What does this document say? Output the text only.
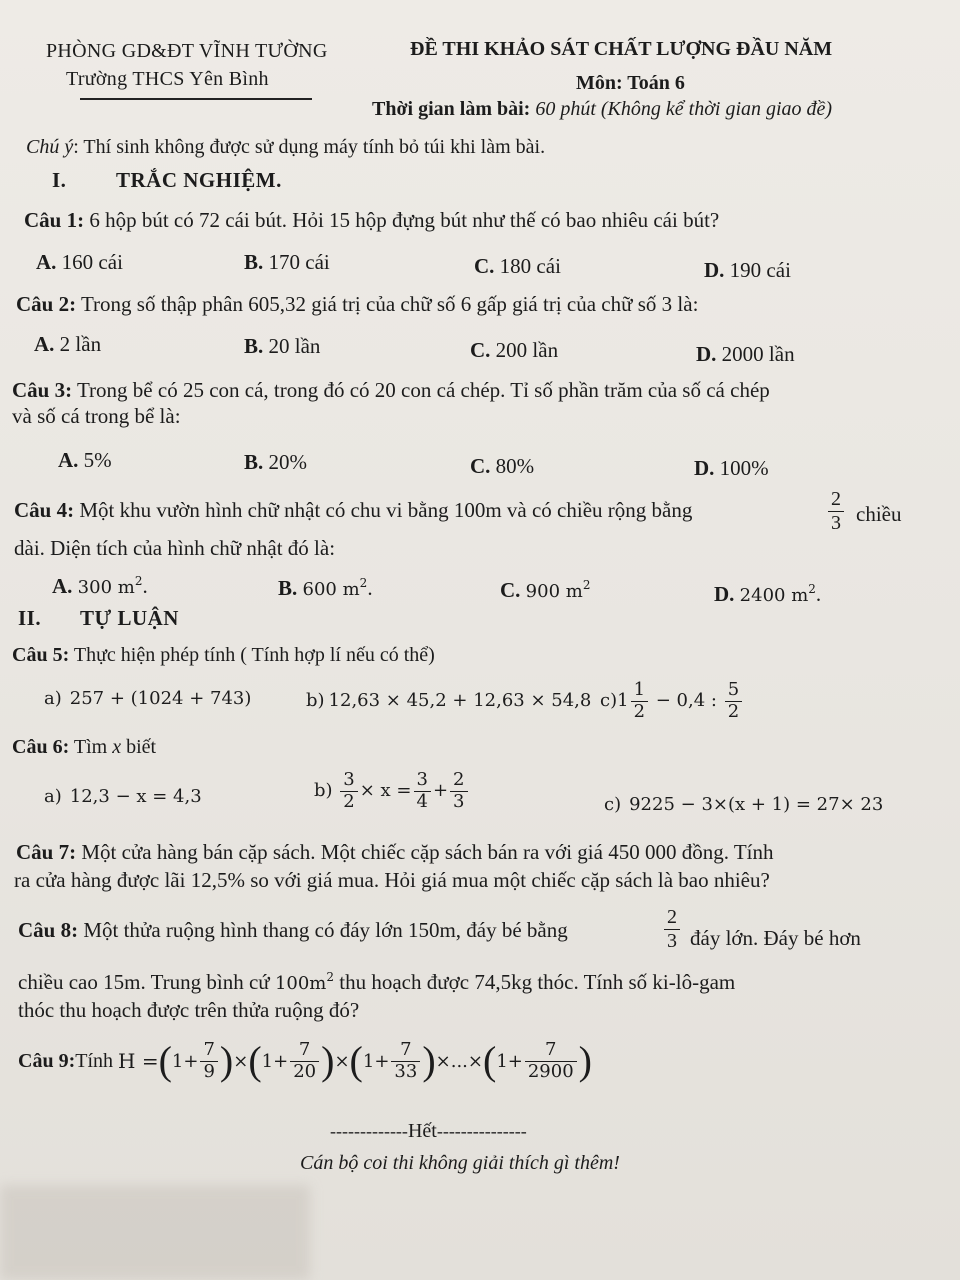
PHÒNG GD&ĐT VĨNH TƯỜNG
Trường THCS Yên Bình
ĐỀ THI KHẢO SÁT CHẤT LƯỢNG ĐẦU NĂM
Môn: Toán 6
Thời gian làm bài: 60 phút (Không kể thời gian giao đề)
Chú ý: Thí sinh không được sử dụng máy tính bỏ túi khi làm bài.
I. TRẮC NGHIỆM.
Câu 1: 6 hộp bút có 72 cái bút. Hỏi 15 hộp đựng bút như thế có bao nhiêu cái bút?
A. 160 cái	B. 170 cái	C. 180 cái	D. 190 cái
Câu 2: Trong số thập phân 605,32 giá trị của chữ số 6 gấp giá trị của chữ số 3 là:
A. 2 lần	B. 20 lần	C. 200 lần	D. 2000 lần
Câu 3: Trong bể có 25 con cá, trong đó có 20 con cá chép. Tỉ số phần trăm của số cá chép
và số cá trong bể là:
A. 5%	B. 20%	C. 80%	D. 100%
Câu 4: Một khu vườn hình chữ nhật có chu vi bằng 100m và có chiều rộng bằng	$\frac{2}{3}$ chiều
dài. Diện tích của hình chữ nhật đó là:
A. 300 $m^2$.	B. 600 $m^2$.	C. 900 $m^2$	D. 2400 $m^2$.
II. TỰ LUẬN
Câu 5: Thực hiện phép tính ( Tính hợp lí nếu có thể)
a) 257 + (1024 + 743)	b) 12,63 × 45,2 + 12,63 × 54,8 $c)1 \frac{1}{2} - 0,4$ : $\frac{5}{2}$
Câu 6: Tìm x biết
a) 12,3 − x = 4,3	$b) \frac{3}{2} \times x = \frac{3}{4} + \frac{2}{3}$	c) 9225 − 3×(x + 1) = 27× 23
Câu 7: Một cửa hàng bán cặp sách. Một chiếc cặp sách bán ra với giá 450 000 đồng. Tính
ra cửa hàng được lãi 12,5% so với giá mua. Hỏi giá mua một chiếc cặp sách là bao nhiêu?
Câu 8: Một thửa ruộng hình thang có đáy lớn 150m, đáy bé bằng	$\frac{2}{3}$ đáy lớn. Đáy bé hơn
chiều cao 15m. Trung bình cứ $100m^2$ thu hoạch được 74,5kg thóc. Tính số ki-lô-gam
thóc thu hoạch được trên thửa ruộng đó?
Câu 9: Tính
H = ( $1 + \frac{7}{9}$ ) × ( $1 + \frac{7}{20}$ ) × ( $1 + \frac{7}{33}$ ) ×...× ( $1 + \frac{7}{2900}$ )
-------------Hết---------------
Cán bộ coi thi không giải thích gì thêm!
